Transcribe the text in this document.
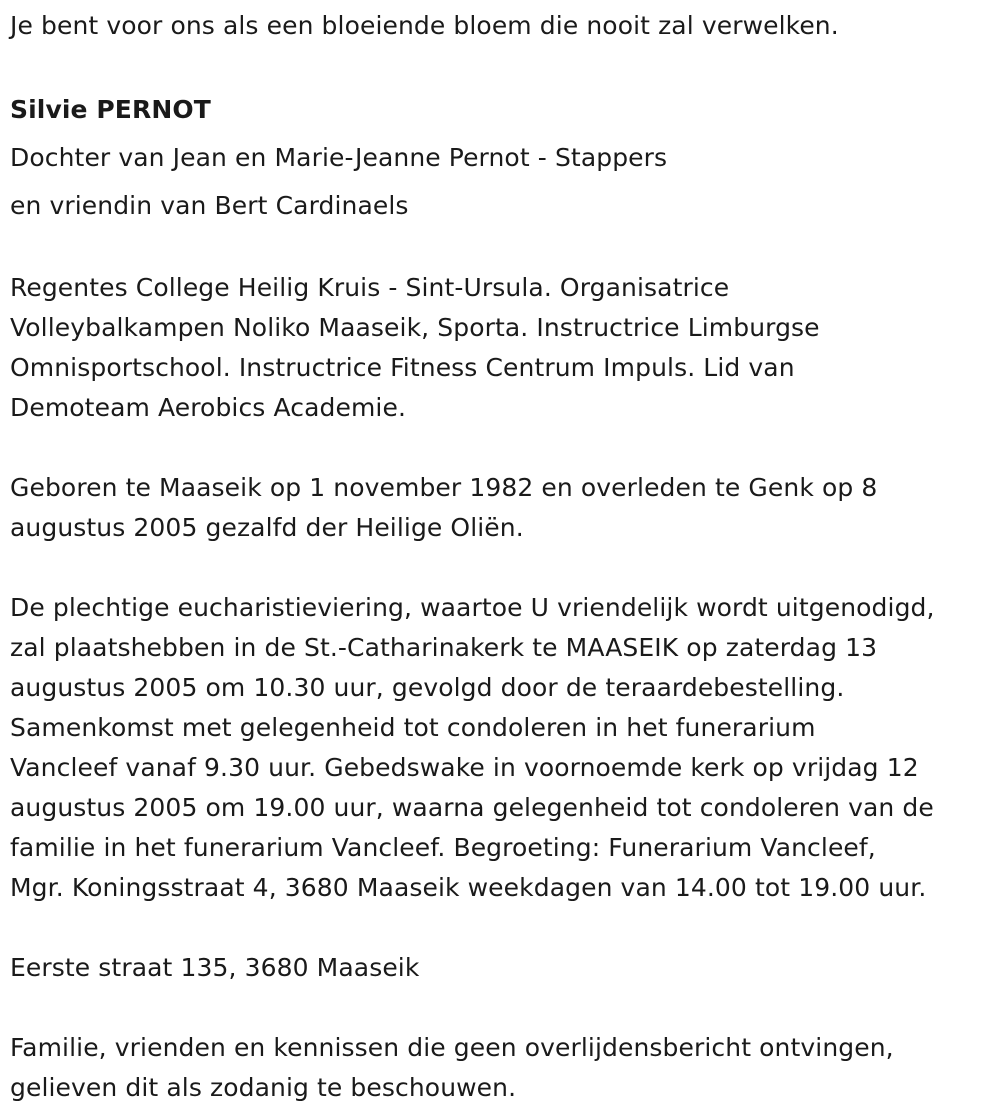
Je bent voor ons als een bloeiende bloem die nooit zal verwelken.

Silvie PERNOT

Dochter van Jean en Marie-Jeanne Pernot - Stappers

en vriendin van Bert Cardinaels

Regentes College Heilig Kruis - Sint-Ursula. Organisatrice

Volleybalkampen Noliko Maaseik, Sporta. Instructrice Limburgse

Omnisportschool. Instructrice Fitness Centrum Impuls. Lid van

Demoteam Aerobics Academie.

Geboren te Maaseik op 1 november 1982 en overleden te Genk op 8

augustus 2005 gezalfd der Heilige Oliën.

De plechtige eucharistieviering, waartoe U vriendelijk wordt uitgenodigd,

zal plaatshebben in de St.-Catharinakerk te MAASEIK op zaterdag 13

augustus 2005 om 10.30 uur, gevolgd door de teraardebestelling.

Samenkomst met gelegenheid tot condoleren in het funerarium

Vancleef vanaf 9.30 uur. Gebedswake in voornoemde kerk op vrijdag 12

augustus 2005 om 19.00 uur, waarna gelegenheid tot condoleren van de

familie in het funerarium Vancleef. Begroeting: Funerarium Vancleef,

Mgr. Koningsstraat 4, 3680 Maaseik weekdagen van 14.00 tot 19.00 uur.

Eerste straat 135, 3680 Maaseik

Familie, vrienden en kennissen die geen overlijdensbericht ontvingen,

gelieven dit als zodanig te beschouwen.
